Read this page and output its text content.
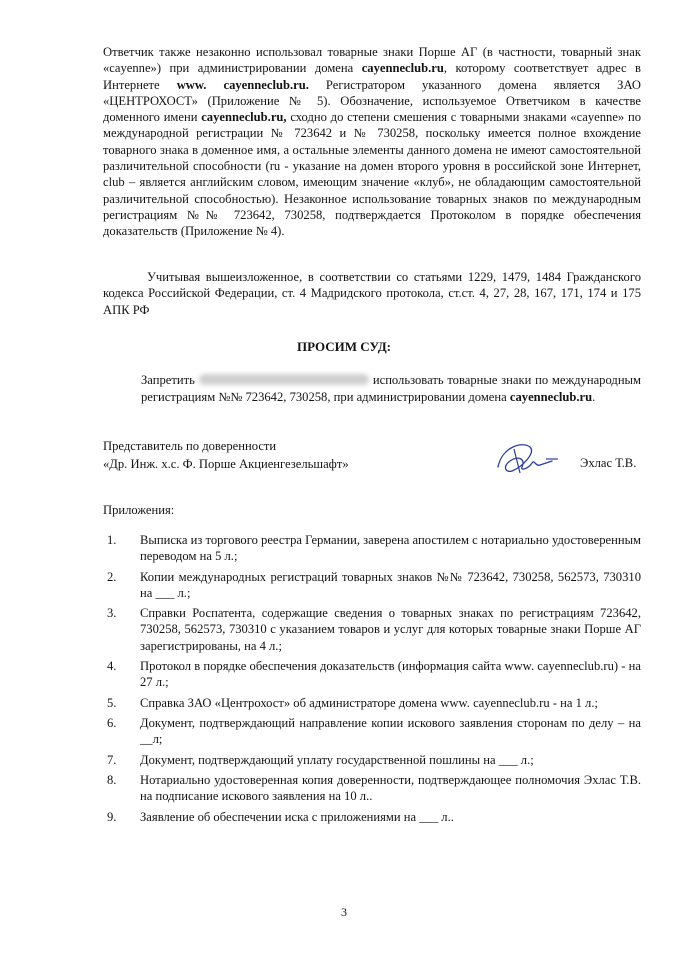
Ответчик также незаконно использовал товарные знаки Порше АГ (в частности, товарный знак «cayenne») при администрировании домена cayenneclub.ru, которому соответствует адрес в Интернете www. cayenneclub.ru. Регистратором указанного домена является ЗАО «ЦЕНТРОХОСТ» (Приложение № 5). Обозначение, используемое Ответчиком в качестве доменного имени cayenneclub.ru, сходно до степени смешения с товарными знаками «cayenne» по международной регистрации № 723642 и № 730258, поскольку имеется полное вхождение товарного знака в доменное имя, а остальные элементы данного домена не имеют самостоятельной различительной способности (ru - указание на домен второго уровня в российской зоне Интернет, club – является английским словом, имеющим значение «клуб», не обладающим самостоятельной различительной способностью). Незаконное использование товарных знаков по международным регистрациям №№ 723642, 730258, подтверждается Протоколом в порядке обеспечения доказательств (Приложение № 4).

Учитывая вышеизложенное, в соответствии со статьями 1229, 1479, 1484 Гражданского кодекса Российской Федерации, ст. 4 Мадридского протокола, ст.ст. 4, 27, 28, 167, 171, 174 и 175 АПК РФ

ПРОСИМ СУД:

Запретить	использовать товарные знаки по международным регистрациям №№ 723642, 730258, при администрировании домена cayenneclub.ru.

Представитель по доверенности
«Др. Инж. х.с. Ф. Порше Акциенгезельшафт»	Эхлас Т.В.
Приложения:
1.	Выписка из торгового реестра Германии, заверена апостилем с нотариально удостоверенным переводом на 5 л.;
2.	Копии международных регистраций товарных знаков №№ 723642, 730258, 562573, 730310 на ___ л.;
3.	Справки Роспатента, содержащие сведения о товарных знаках по регистрациям 723642, 730258, 562573, 730310 с указанием товаров и услуг для которых товарные знаки Порше АГ зарегистрированы, на 4 л.;
4.	Протокол в порядке обеспечения доказательств (информация сайта www. cayenneclub.ru) - на 27 л.;
5.	Справка ЗАО «Центрохост» об администраторе домена www. cayenneclub.ru - на 1 л.;
6.	Документ, подтверждающий направление копии искового заявления сторонам по делу – на __л;
7.	Документ, подтверждающий уплату государственной пошлины на ___ л.;
8.	Нотариально удостоверенная копия доверенности, подтверждающее полномочия Эхлас Т.В. на подписание искового заявления на 10 л..
9.	Заявление об обеспечении иска с приложениями на ___ л..
3
